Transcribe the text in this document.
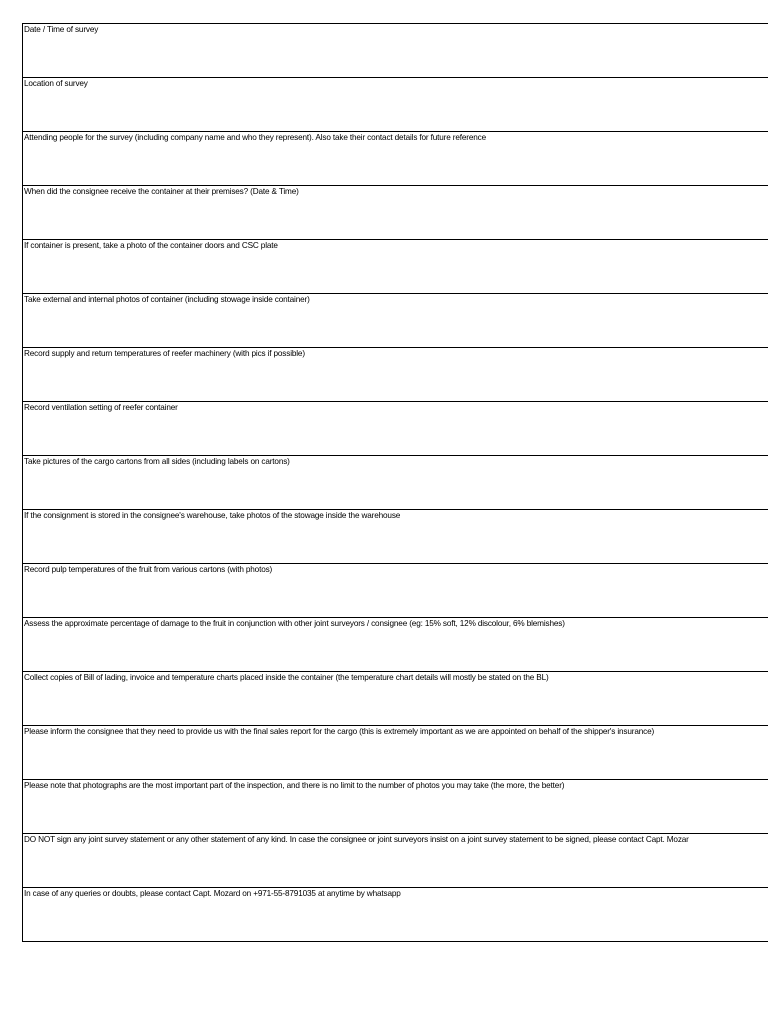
Date / Time of survey
Location of survey
Attending people for the survey (including company name and who they represent). Also take their contact details for future reference
When did the consignee receive the container at their premises? (Date & Time)
If container is present, take a photo of the container doors and CSC plate
Take external and internal photos of container (including stowage inside container)
Record supply and return temperatures of reefer machinery (with pics if possible)
Record ventilation setting of reefer container
Take pictures of the cargo cartons from all sides (including labels on cartons)
If the consignment is stored in the consignee's warehouse, take photos of the stowage inside the warehouse
Record pulp temperatures of the fruit from various cartons (with photos)
Assess the approximate percentage of damage to the fruit in conjunction with other joint surveyors / consignee (eg: 15% soft, 12% discolour, 6% blemishes)
Collect copies of Bill of lading, invoice and temperature charts placed inside the container (the temperature chart details will mostly be stated on the BL)
Please inform the consignee that they need to provide us with the final sales report for the cargo (this is extremely important as we are appointed on behalf of the shipper's insurance)
Please note that photographs are the most important part of the inspection, and there is no limit to the number of photos you may take (the more, the better)
DO NOT sign any joint survey statement or any other statement of any kind. In case the consignee or joint surveyors insist on a joint survey statement to be signed, please contact Capt. Mozar
In case of any queries or doubts, please contact Capt. Mozard on +971-55-8791035 at anytime by whatsapp
